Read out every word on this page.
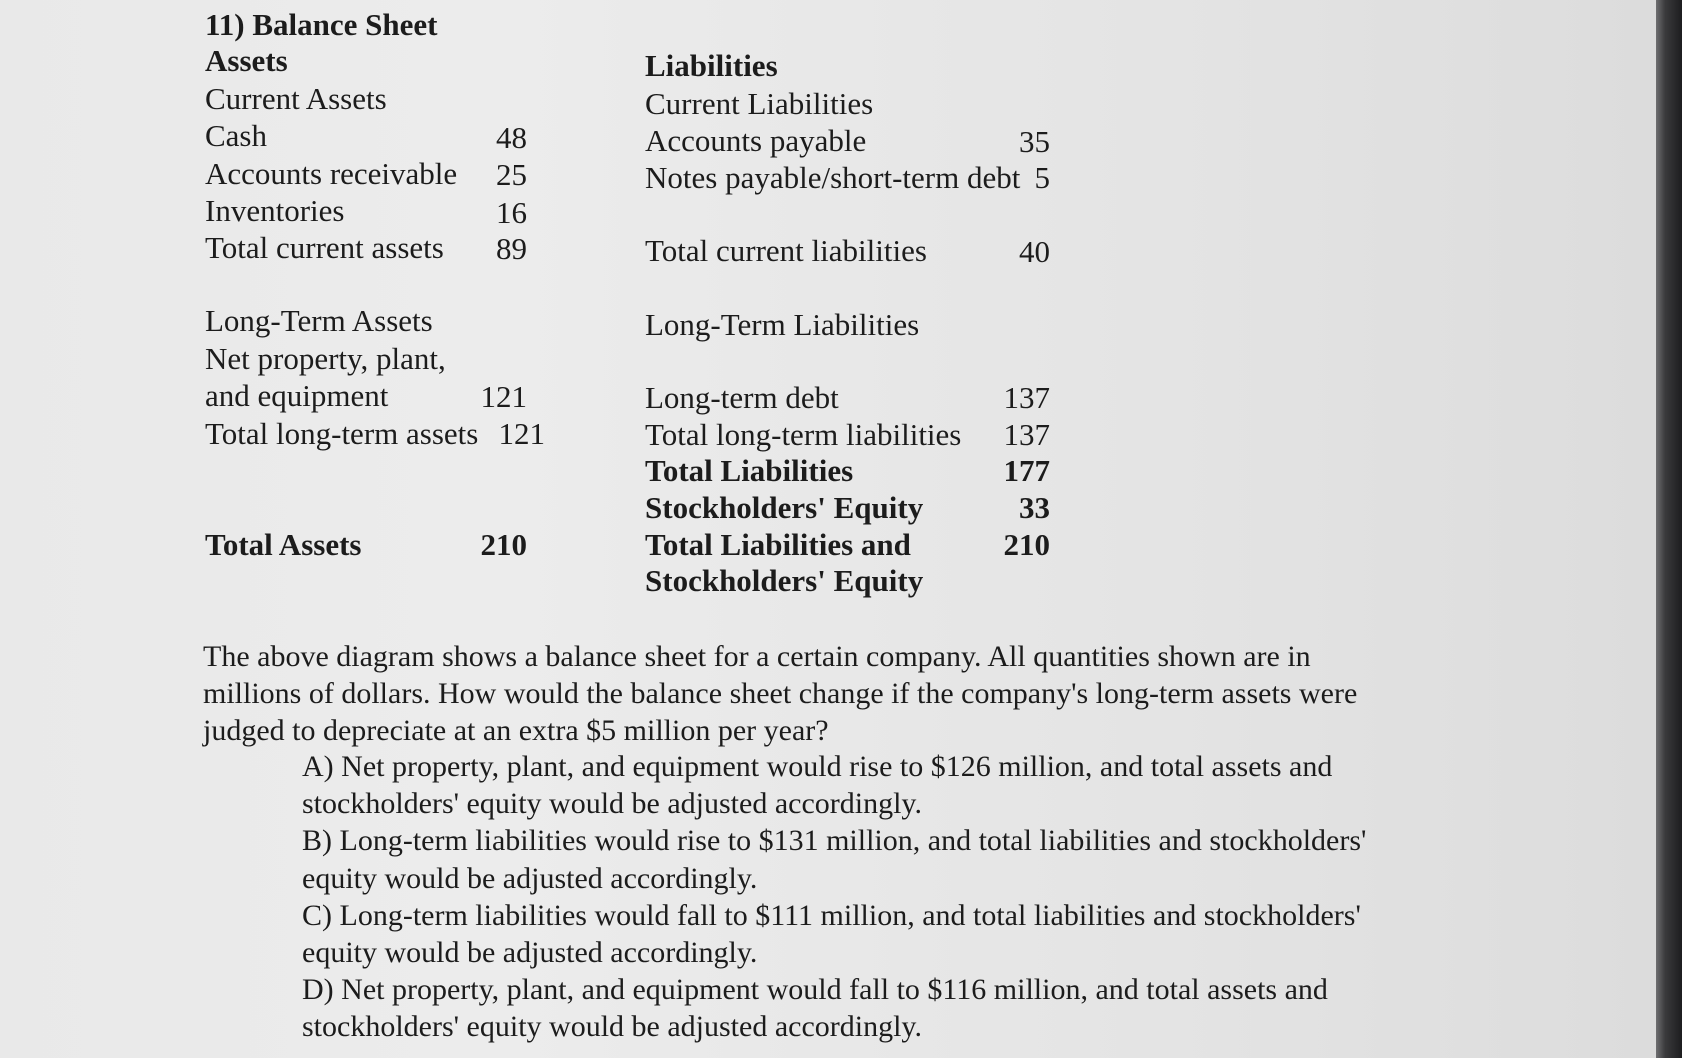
11) Balance Sheet
Assets
Current Assets
Cash	48
Accounts receivable 25
Inventories	16
Total current assets 89
Long-Term Assets
Net property, plant,
and equipment	121
Total long-term assets 121
Total Assets	210
Liabilities
Current Liabilities
Accounts payable	35
Notes payable/short-term debt 5
Total current liabilities	40
Long-Term Liabilities
Long-term debt	137
Total long-term liabilities 137
Total Liabilities	177
Stockholders' Equity	33
Total Liabilities and	210
Stockholders' Equity
The above diagram shows a balance sheet for a certain company. All quantities shown are in
millions of dollars. How would the balance sheet change if the company's long-term assets were
judged to depreciate at an extra $5 million per year?
A) Net property, plant, and equipment would rise to $126 million, and total assets and
stockholders' equity would be adjusted accordingly.
B) Long-term liabilities would rise to $131 million, and total liabilities and stockholders'
equity would be adjusted accordingly.
C) Long-term liabilities would fall to $111 million, and total liabilities and stockholders'
equity would be adjusted accordingly.
D) Net property, plant, and equipment would fall to $116 million, and total assets and
stockholders' equity would be adjusted accordingly.
